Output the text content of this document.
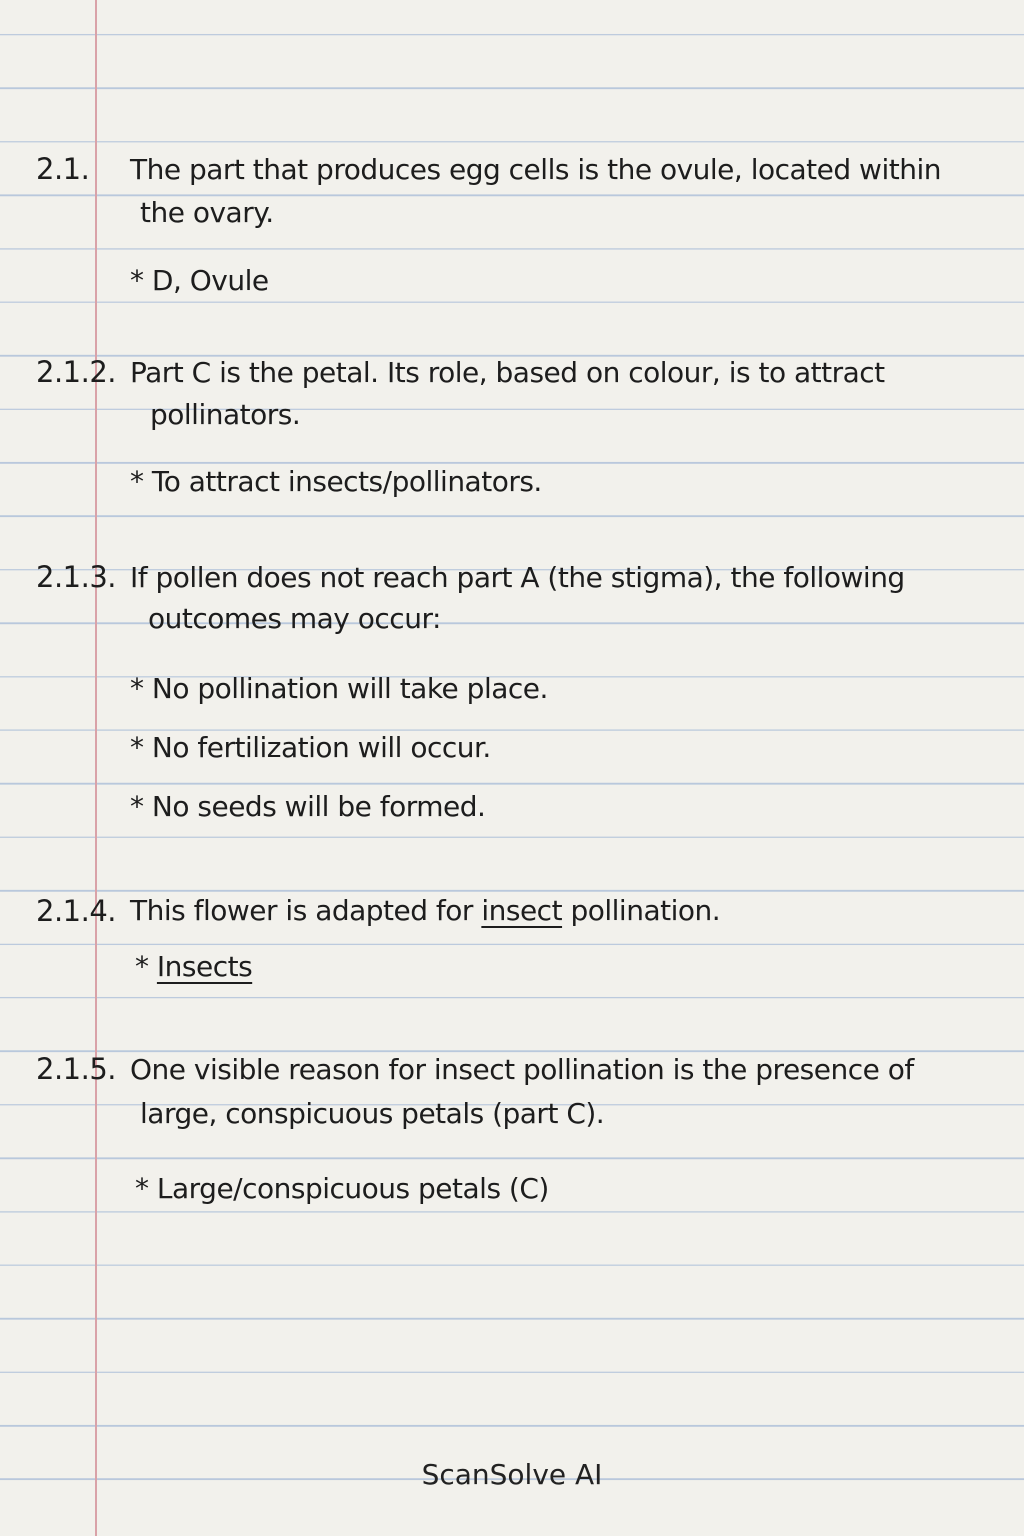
2.1. The part that produces egg cells is the ovule, located within
the ovary.
* D, Ovule
2.1.2. Part C is the petal. Its role, based on colour, is to attract
pollinators.
* To attract insects/pollinators.
2.1.3. If pollen does not reach part A (the stigma), the following
outcomes may occur:
* No pollination will take place.
* No fertilization will occur.
* No seeds will be formed.
2.1.4. This flower is adapted for insect pollination.
* Insects
2.1.5. One visible reason for insect pollination is the presence of
large, conspicuous petals (part C).
* Large/conspicuous petals (C)
ScanSolve AI
